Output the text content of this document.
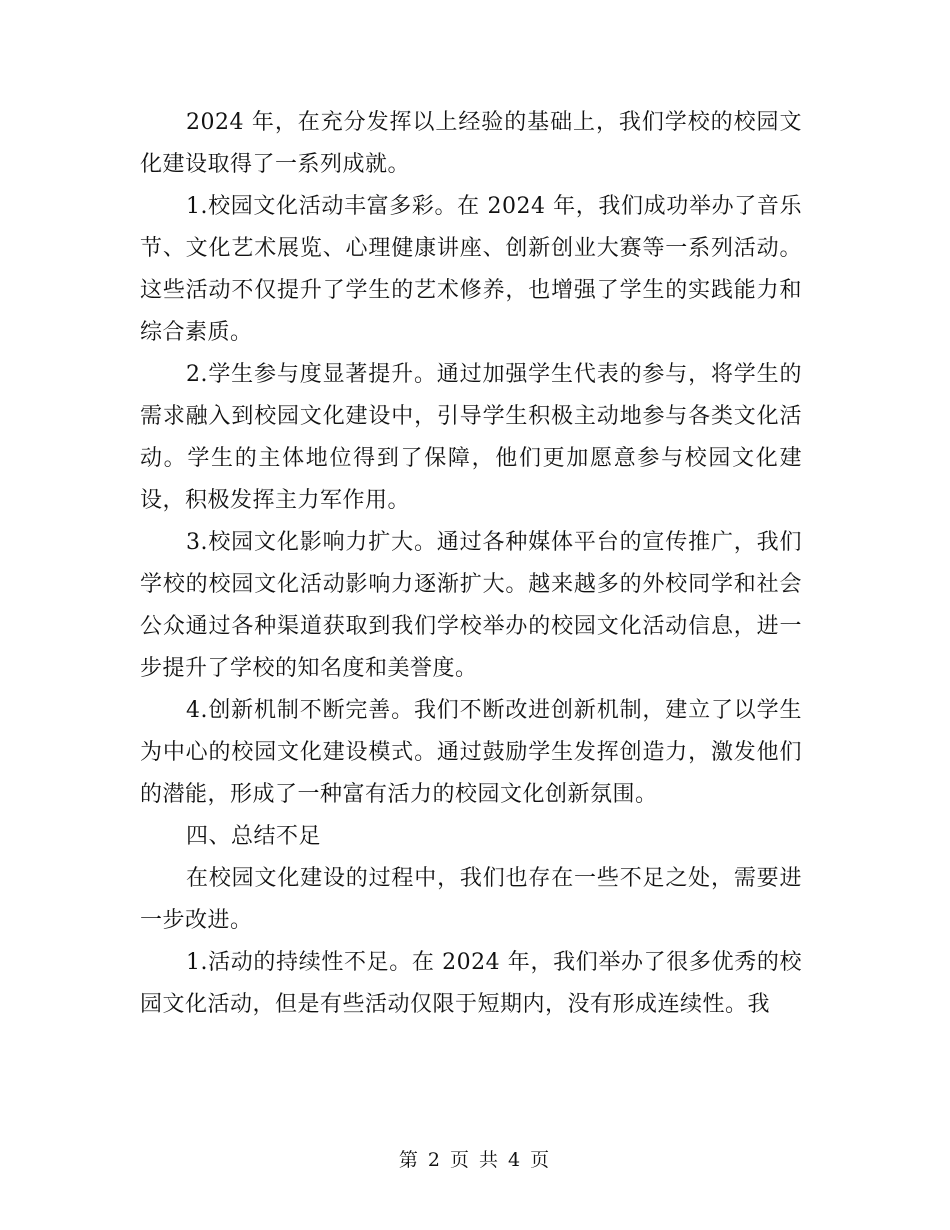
2024 年，在充分发挥以上经验的基础上，我们学校的校园文化建设取得了一系列成就。

1.校园文化活动丰富多彩。在 2024 年，我们成功举办了音乐节、文化艺术展览、心理健康讲座、创新创业大赛等一系列活动。这些活动不仅提升了学生的艺术修养，也增强了学生的实践能力和综合素质。

2.学生参与度显著提升。通过加强学生代表的参与，将学生的需求融入到校园文化建设中，引导学生积极主动地参与各类文化活动。学生的主体地位得到了保障，他们更加愿意参与校园文化建设，积极发挥主力军作用。

3.校园文化影响力扩大。通过各种媒体平台的宣传推广，我们学校的校园文化活动影响力逐渐扩大。越来越多的外校同学和社会公众通过各种渠道获取到我们学校举办的校园文化活动信息，进一步提升了学校的知名度和美誉度。

4.创新机制不断完善。我们不断改进创新机制，建立了以学生为中心的校园文化建设模式。通过鼓励学生发挥创造力，激发他们的潜能，形成了一种富有活力的校园文化创新氛围。

四、总结不足

在校园文化建设的过程中，我们也存在一些不足之处，需要进一步改进。

1.活动的持续性不足。在 2024 年，我们举办了很多优秀的校园文化活动，但是有些活动仅限于短期内，没有形成连续性。我

第 2 页 共 4 页
